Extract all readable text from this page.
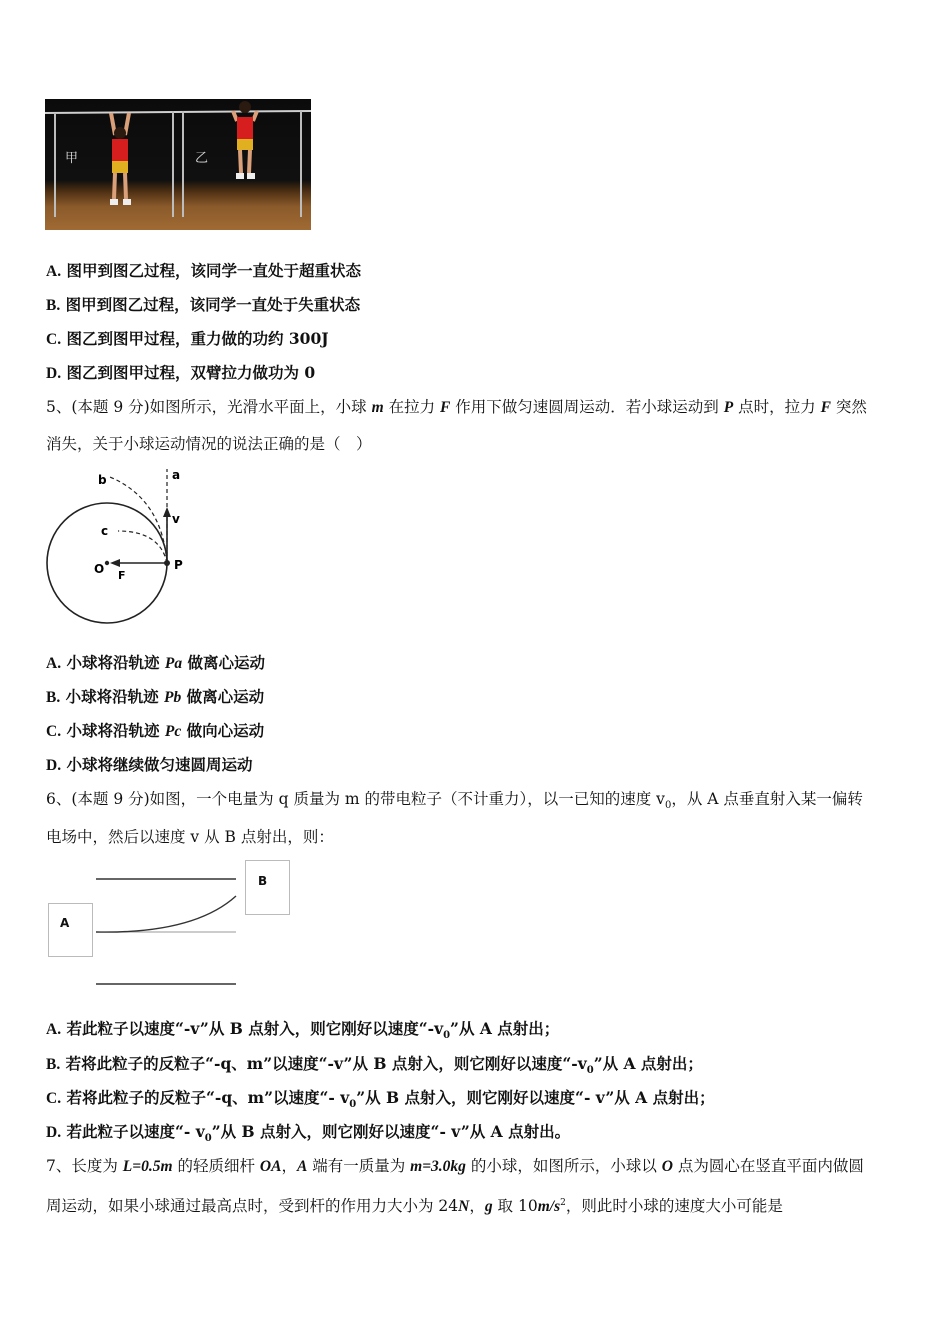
甲	乙
A. 图甲到图乙过程，该同学一直处于超重状态
B. 图甲到图乙过程，该同学一直处于失重状态
C. 图乙到图甲过程，重力做的功约 300J
D. 图乙到图甲过程，双臂拉力做功为 0
5、(本题 9 分)如图所示，光滑水平面上，小球 m 在拉力 F 作用下做匀速圆周运动．若小球运动到 P 点时，拉力 F 突然
消失，关于小球运动情况的说法正确的是（　）
a
b
c
v
O F
P
A. 小球将沿轨迹 Pa 做离心运动
B. 小球将沿轨迹 Pb 做离心运动
C. 小球将沿轨迹 Pc 做向心运动
D. 小球将继续做匀速圆周运动
6、(本题 9 分)如图，一个电量为 q 质量为 m 的带电粒子（不计重力），以一已知的速度 $v_0$，从 A 点垂直射入某一偏转
电场中，然后以速度 v 从 B 点射出，则：
A
B
A. 若此粒子以速度“-v”从 B 点射入，则它刚好以速度“$-v_0$”从 A 点射出；
B. 若将此粒子的反粒子“-q、m”以速度“-v”从 B 点射入，则它刚好以速度“$-v_0$”从 A 点射出；
C. 若将此粒子的反粒子“-q、m”以速度“- $v_0$”从 B 点射入，则它刚好以速度“- v”从 A 点射出；
D. 若此粒子以速度“- $v_0$”从 B 点射入，则它刚好以速度“- v”从 A 点射出。
7、长度为 L=0.5m 的轻质细杆 OA，A 端有一质量为 m=3.0kg 的小球，如图所示，小球以 O 点为圆心在竖直平面内做圆
周运动，如果小球通过最高点时，受到杆的作用力大小为 24N，g 取 $10m/s^2$，则此时小球的速度大小可能是
